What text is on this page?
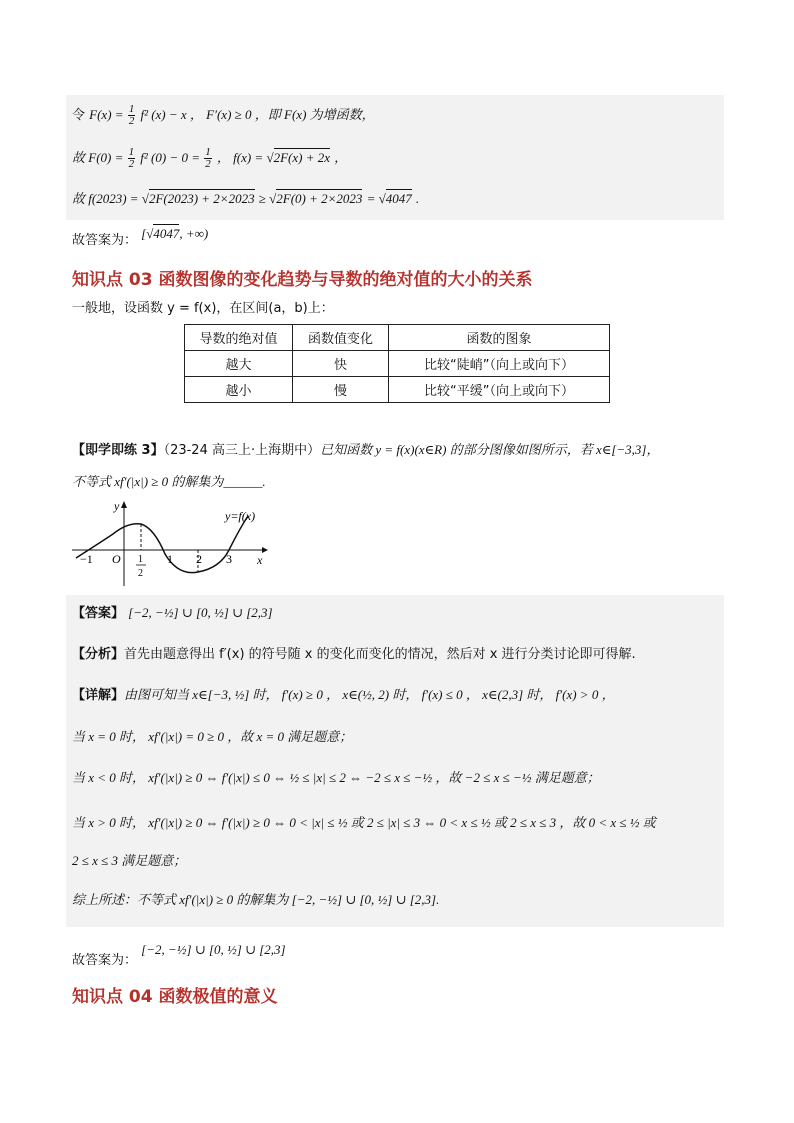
令 $F(x) = \frac{1}{2} f^2$ (x) − x ， F′(x) ≥ 0 ，即 F(x) 为增函数，
故 $F(0) = \frac{1}{2} f^2$ $(0) - 0 = \frac{1}{2}$ ， f(x) = √2F(x) + 2x ，
故 f(2023) = √2F(2023) + 2×2023 ≥ √2F(0) + 2×2023 = √4047 .
故答案为： [√4047, +∞)
知识点 03 函数图像的变化趋势与导数的绝对值的大小的关系
一般地，设函数 y = f(x)，在区间(a，b)上：
导数的绝对值	函数值变化	函数的图象
越大	快	比较“陡峭”（向上或向下）
越小	慢	比较“平缓”（向上或向下）
【即学即练 3】（23-24 高三上·上海期中）已知函数 y = f(x)(x∈R) 的部分图像如图所示，若 x∈[−3,3]，
不等式 xf′(|x|) ≥ 0 的解集为______.
x
y
y=f(x)
O
−1	1 2 3
1
2
【答案】 [−2, −½] ∪ [0, ½] ∪ [2,3]
【分析】首先由题意得出 f′(x) 的符号随 x 的变化而变化的情况，然后对 x 进行分类讨论即可得解.
【详解】由图可知当 x∈[−3, ½] 时， f′(x) ≥ 0 ， x∈(½, 2) 时， f′(x) ≤ 0 ， x∈(2,3] 时， f′(x) > 0 ，
当 x = 0 时， xf′(|x|) = 0 ≥ 0 ，故 x = 0 满足题意；
当 x < 0 时， xf′(|x|) ≥ 0 ⇔ f′(|x|) ≤ 0 ⇔ ½ ≤ |x| ≤ 2 ⇔ −2 ≤ x ≤ −½ ，故 −2 ≤ x ≤ −½ 满足题意；
当 x > 0 时， xf′(|x|) ≥ 0 ⇔ f′(|x|) ≥ 0 ⇔ 0 < |x| ≤ ½ 或 2 ≤ |x| ≤ 3 ⇔ 0 < x ≤ ½ 或 2 ≤ x ≤ 3 ，故 0 < x ≤ ½ 或
2 ≤ x ≤ 3 满足题意；
综上所述：不等式 xf′(|x|) ≥ 0 的解集为 [−2, −½] ∪ [0, ½] ∪ [2,3].
故答案为： [−2, −½] ∪ [0, ½] ∪ [2,3]
知识点 04 函数极值的意义
